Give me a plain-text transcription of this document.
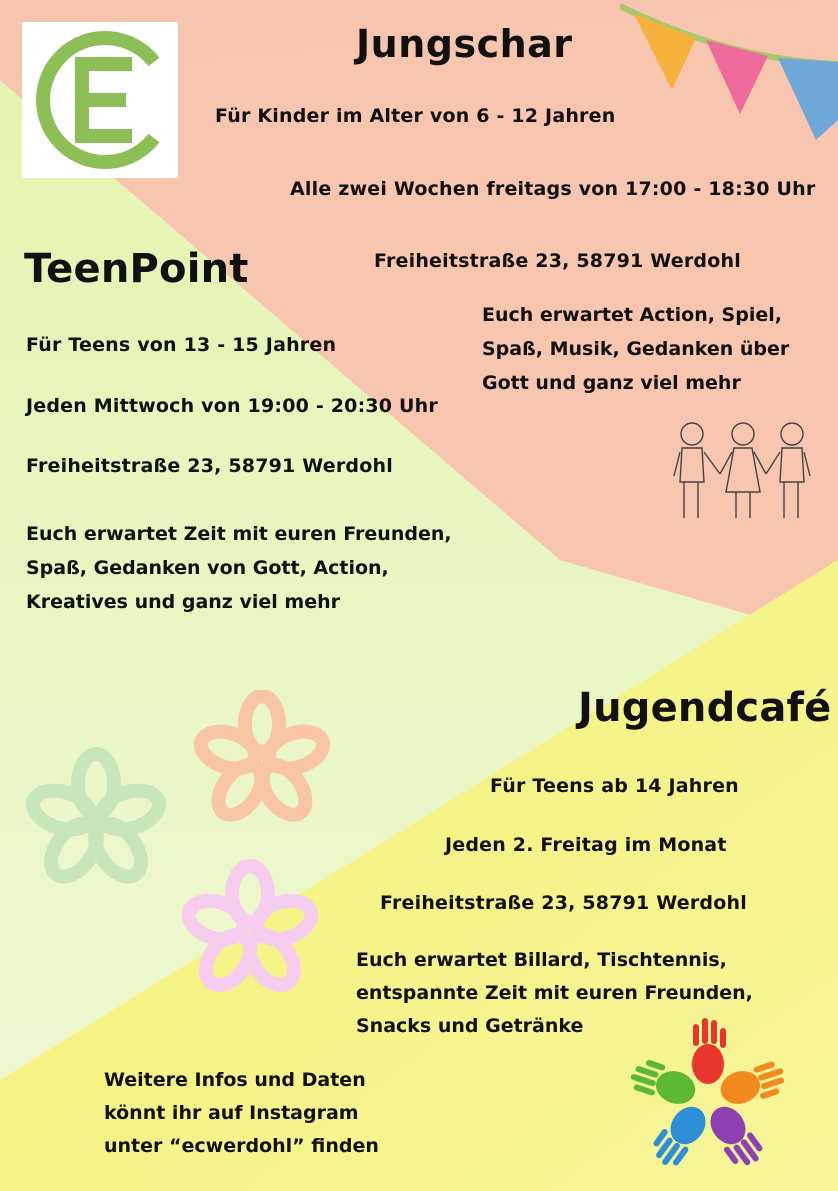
Jungschar
Für Kinder im Alter von 6 - 12 Jahren
Alle zwei Wochen freitags von 17:00 - 18:30 Uhr
Freiheitstraße 23, 58791 Werdohl
Euch erwartet Action, Spiel,
Spaß, Musik, Gedanken über
Gott und ganz viel mehr
TeenPoint
Für Teens von 13 - 15 Jahren
Jeden Mittwoch von 19:00 - 20:30 Uhr
Freiheitstraße 23, 58791 Werdohl
Euch erwartet Zeit mit euren Freunden,
Spaß, Gedanken von Gott, Action,
Kreatives und ganz viel mehr
Jugendcafé
Für Teens ab 14 Jahren
Jeden 2. Freitag im Monat
Freiheitstraße 23, 58791 Werdohl
Euch erwartet Billard, Tischtennis,
entspannte Zeit mit euren Freunden,
Snacks und Getränke
Weitere Infos und Daten
könnt ihr auf Instagram
unter “ecwerdohl” finden
